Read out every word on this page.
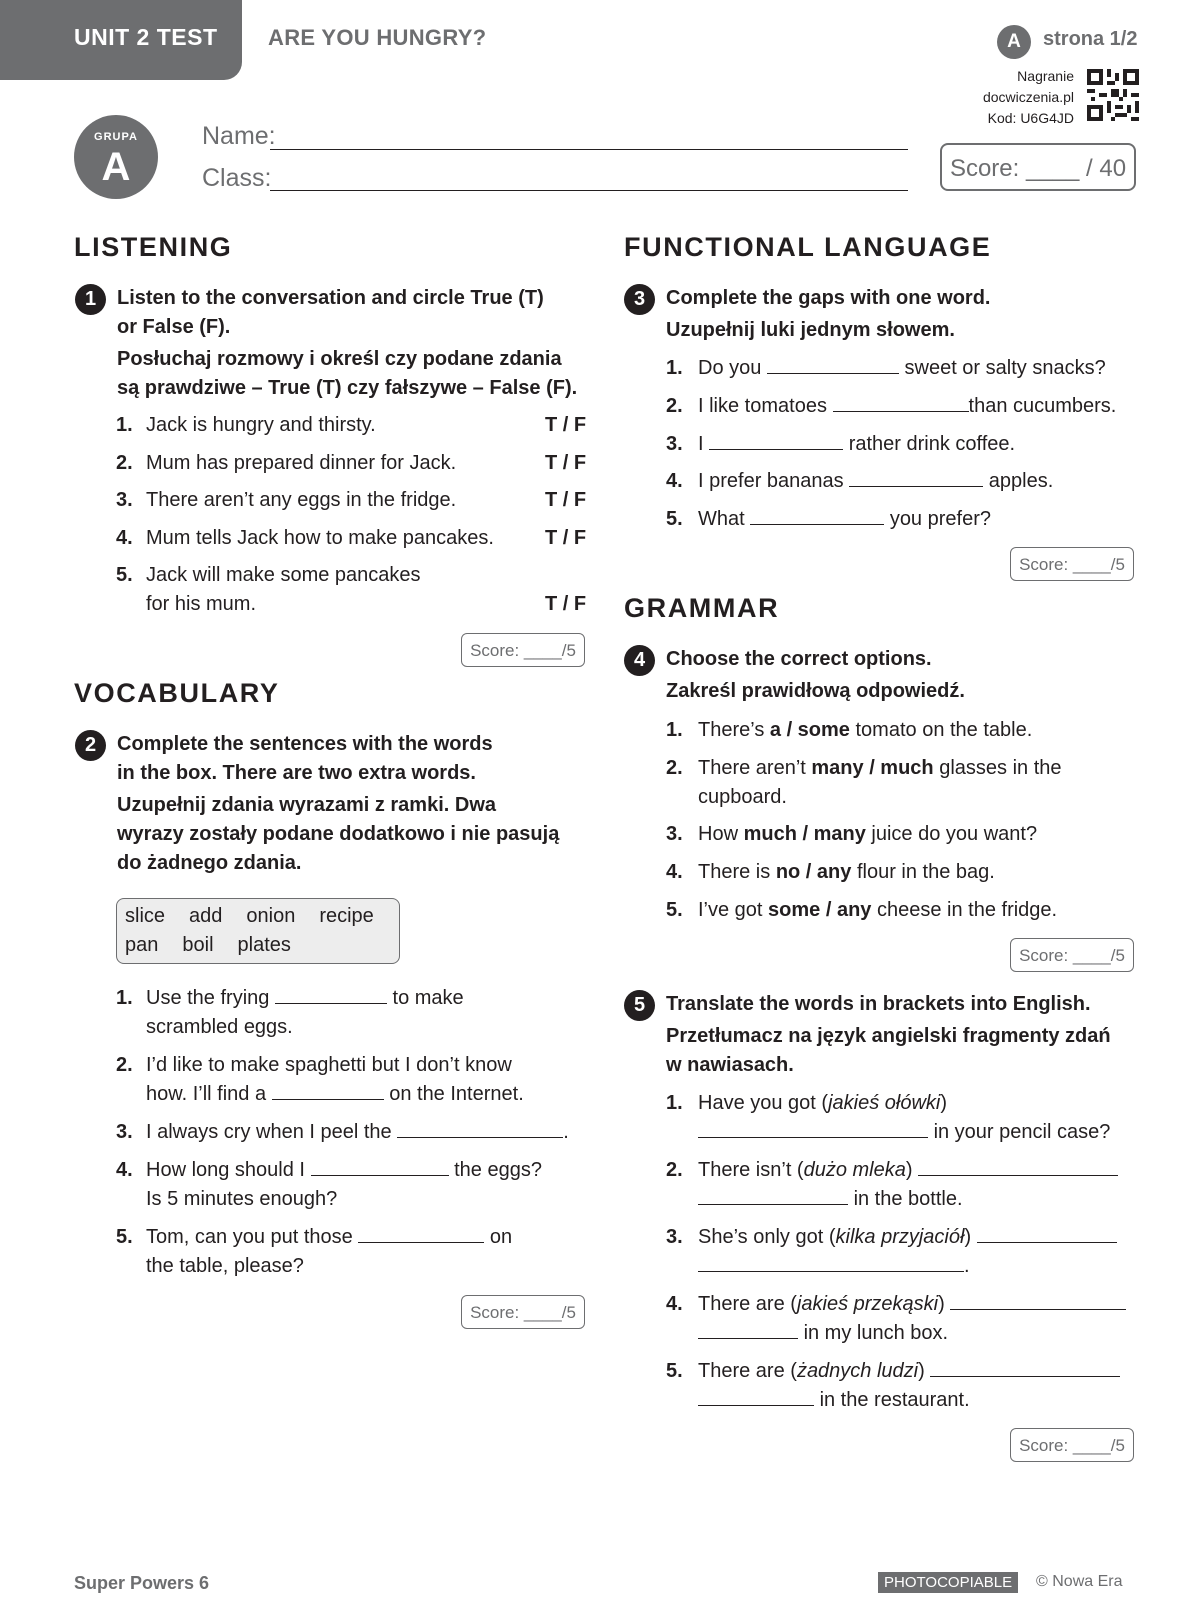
UNIT 2 TEST ARE YOU HUNGRY?	A	strona 1/2
Nagranie
docwiczenia.pl
Kod: U6G4JD
GRUPA
A
Name:
Class:	Score: ____ / 40
LISTENING
1	Listen to the conversation and circle True (T)
or False (F).
Posłuchaj rozmowy i określ czy podane zdania
są prawdziwe – True (T) czy fałszywe – False (F).
1. Jack is hungry and thirsty.	T / F
2. Mum has prepared dinner for Jack.	T / F
3. There aren’t any eggs in the fridge.	T / F
4. Mum tells Jack how to make pancakes.	T / F
5. Jack will make some pancakes
for his mum.	T / F
Score: ____/5
VOCABULARY
2	Complete the sentences with the words
in the box. There are two extra words.
Uzupełnij zdania wyrazami z ramki. Dwa
wyrazy zostały podane dodatkowo i nie pasują
do żadnego zdania.
slice add onion recipe
pan boil plates
1. Use the frying	to make
scrambled eggs.
2. I’d like to make spaghetti but I don’t know
how. I’ll find a	on the Internet.
3. I always cry when I peel the	.
4. How long should I	the eggs?
Is 5 minutes enough?
5. Tom, can you put those	on
the table, please?
Score: ____/5
FUNCTIONAL LANGUAGE
3	Complete the gaps with one word.
Uzupełnij luki jednym słowem.
1. Do you	sweet or salty snacks?
2. I like tomatoes	than cucumbers.
3. I	rather drink coffee.
4. I prefer bananas	apples.
5. What	you prefer?
Score: ____/5
GRAMMAR
4	Choose the correct options.
Zakreśl prawidłową odpowiedź.
1. There’s a / some tomato on the table.
2. There aren’t many / much glasses in the
cupboard.
3. How much / many juice do you want?
4. There is no / any flour in the bag.
5. I’ve got some / any cheese in the fridge.
Score: ____/5
5	Translate the words in brackets into English.
Przetłumacz na język angielski fragmenty zdań
w nawiasach.
1. Have you got (jakieś ołówki)
in your pencil case?
2. There isn’t (dużo mleka)
in the bottle.
3. She’s only got (kilka przyjaciół)
.
4. There are (jakieś przekąski)
in my lunch box.
5. There are (żadnych ludzi)
in the restaurant.
Score: ____/5
Super Powers 6	PHOTOCOPIABLE	© Nowa Era
